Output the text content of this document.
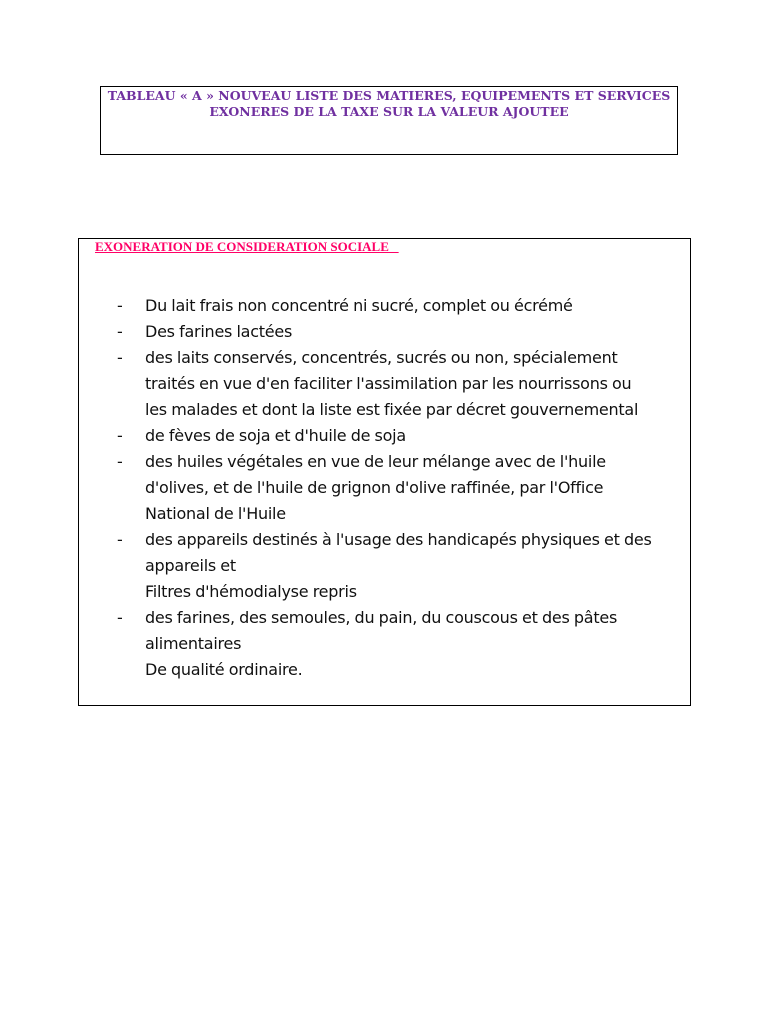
TABLEAU « A » NOUVEAU LISTE DES MATIERES, EQUIPEMENTS ET SERVICES
EXONERES DE LA TAXE SUR LA VALEUR AJOUTEE

EXONERATION DE CONSIDERATION SOCIALE

- Du lait frais non concentré ni sucré, complet ou écrémé
- Des farines lactées
- des laits conservés, concentrés, sucrés ou non, spécialement
traités en vue d'en faciliter l'assimilation par les nourrissons ou
les malades et dont la liste est fixée par décret gouvernemental
- de fèves de soja et d'huile de soja
- des huiles végétales en vue de leur mélange avec de l'huile
d'olives, et de l'huile de grignon d'olive raffinée, par l'Office
National de l'Huile
- des appareils destinés à l'usage des handicapés physiques et des
appareils et
Filtres d'hémodialyse repris
- des farines, des semoules, du pain, du couscous et des pâtes
alimentaires
De qualité ordinaire.
